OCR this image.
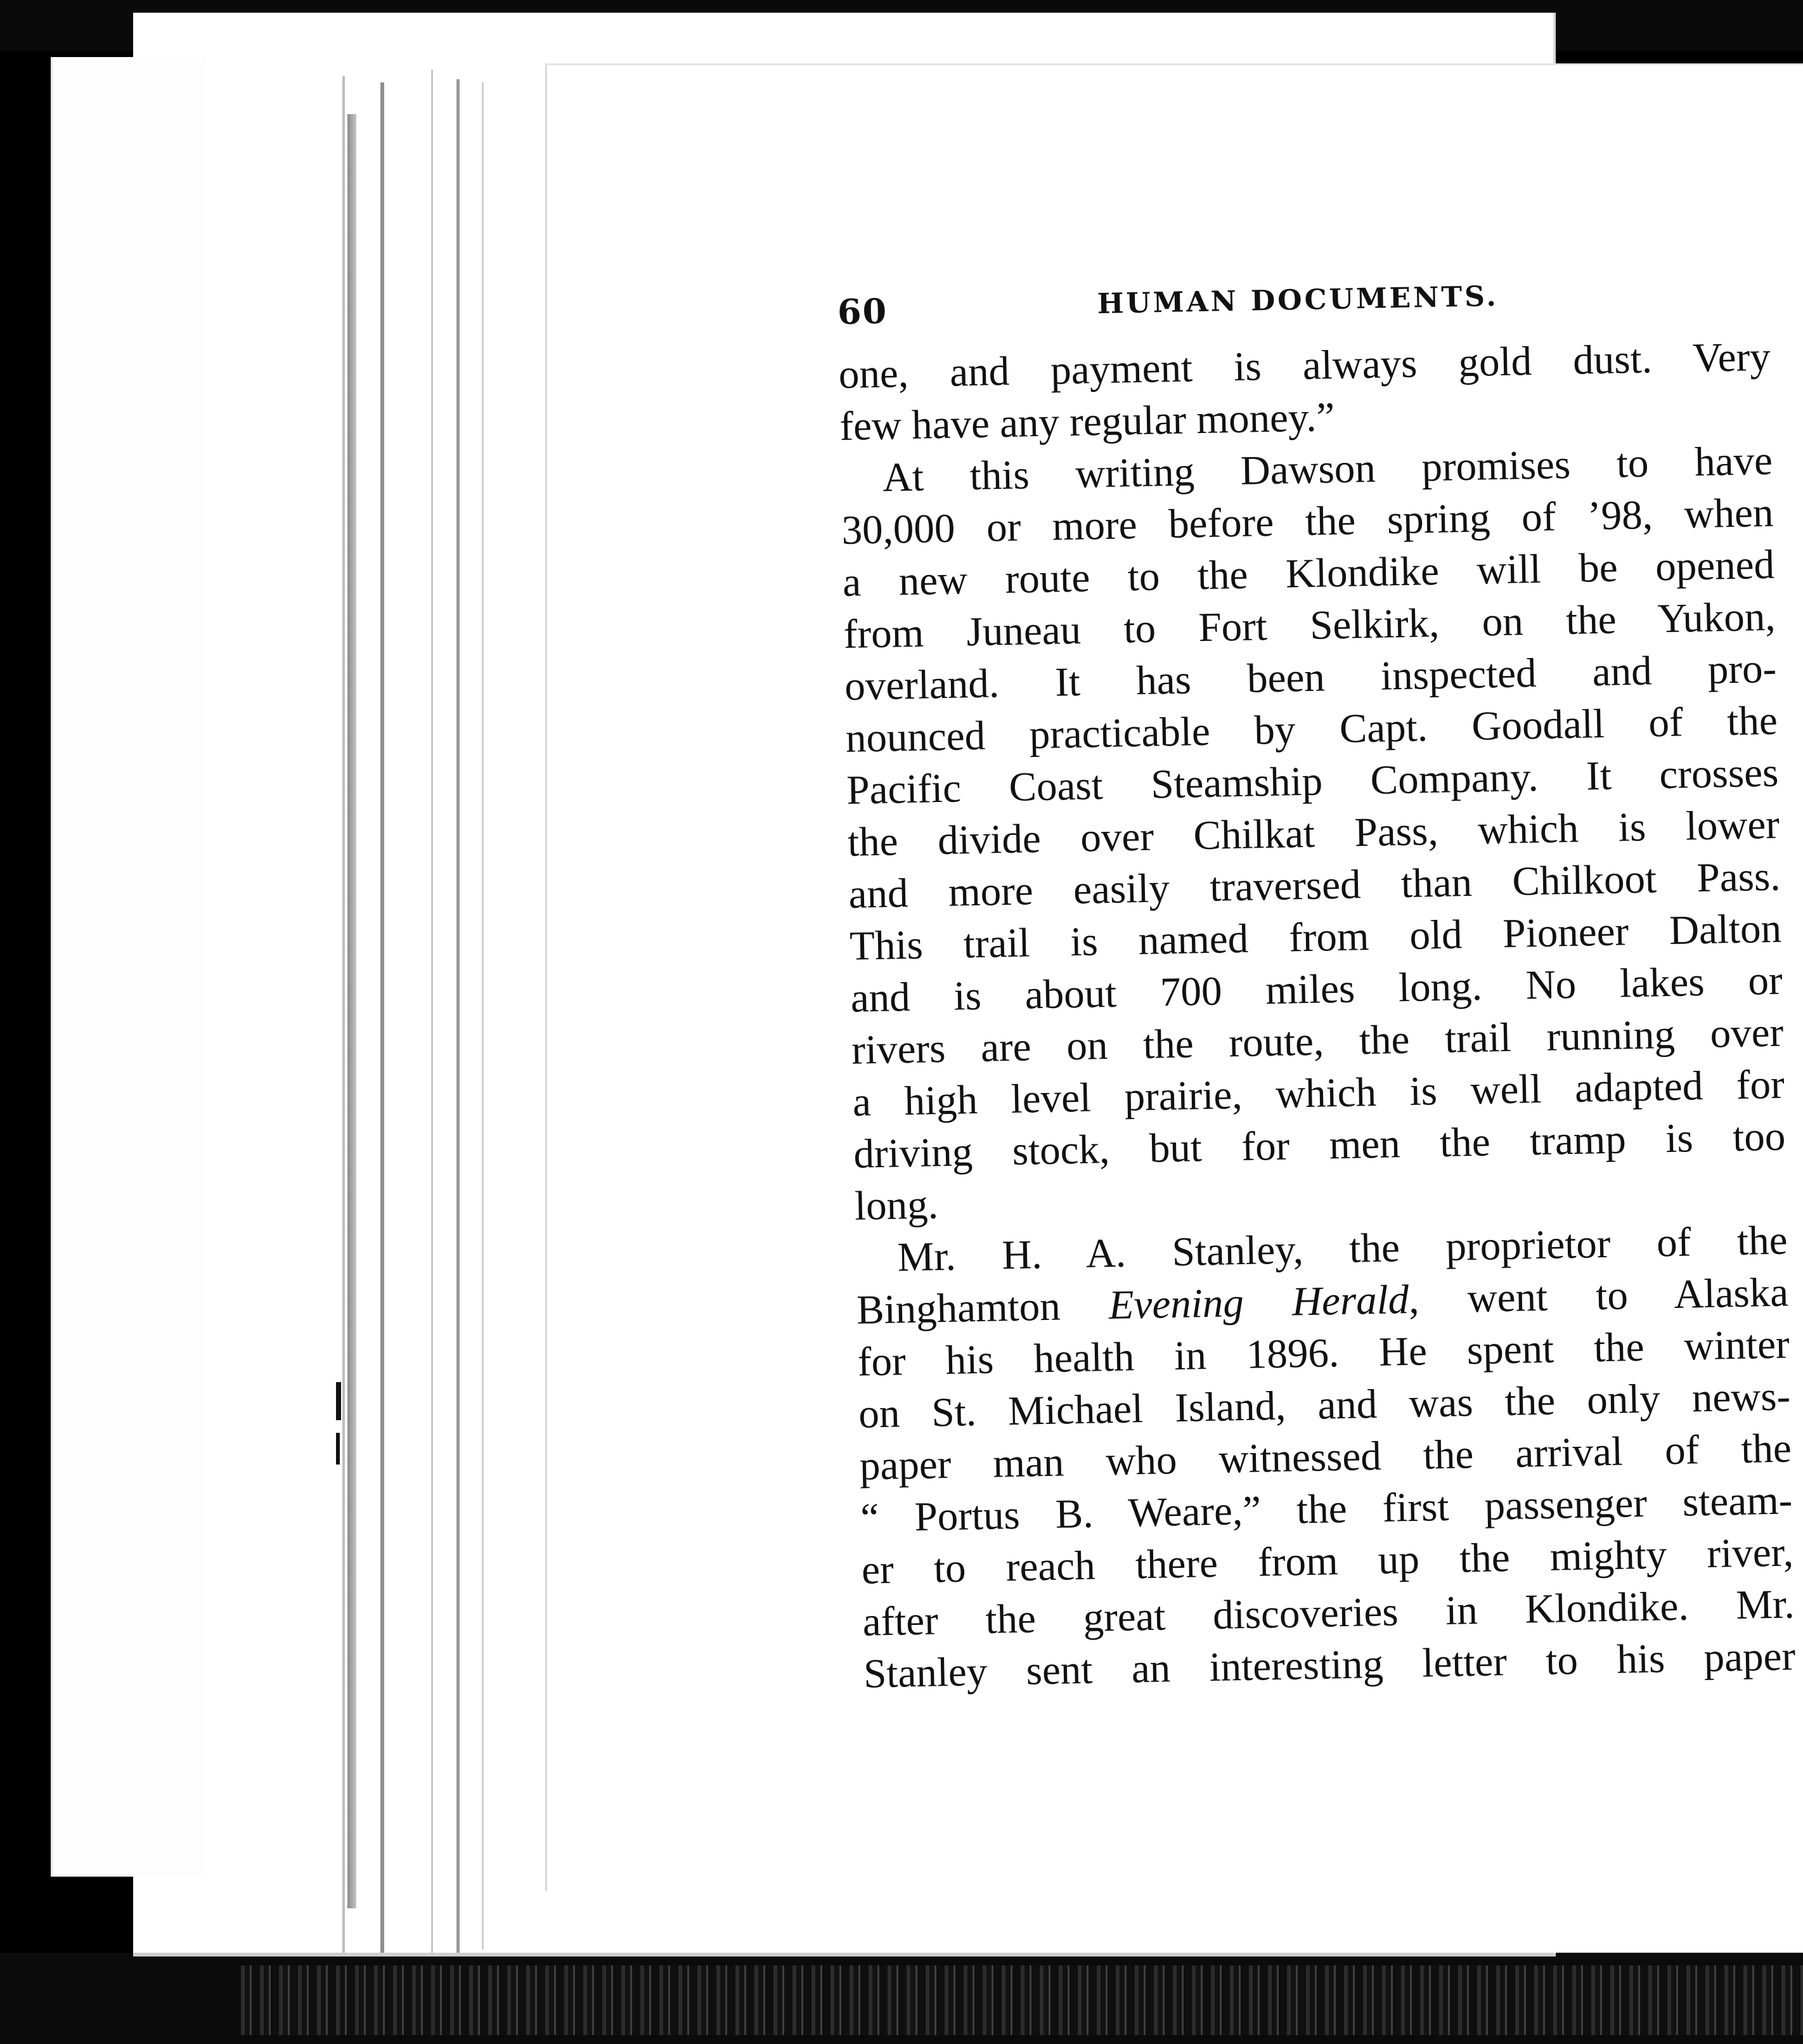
60	HUMAN DOCUMENTS.
one, and payment is always gold dust. Very
few have any regular money.”
At this writing Dawson promises to have
30,000 or more before the spring of ’98, when
a new route to the Klondike will be opened
from Juneau to Fort Selkirk, on the Yukon,
overland. It has been inspected and pro-
nounced practicable by Capt. Goodall of the
Pacific Coast Steamship Company. It crosses
the divide over Chilkat Pass, which is lower
and more easily traversed than Chilkoot Pass.
This trail is named from old Pioneer Dalton
and is about 700 miles long. No lakes or
rivers are on the route, the trail running over
a high level prairie, which is well adapted for
driving stock, but for men the tramp is too
long.
Mr. H. A. Stanley, the proprietor of the
Binghamton Evening Herald, went to Alaska
for his health in 1896. He spent the winter
on St. Michael Island, and was the only news-
paper man who witnessed the arrival of the
“ Portus B. Weare,” the first passenger steam-
er to reach there from up the mighty river,
after the great discoveries in Klondike. Mr.
Stanley sent an interesting letter to his paper
